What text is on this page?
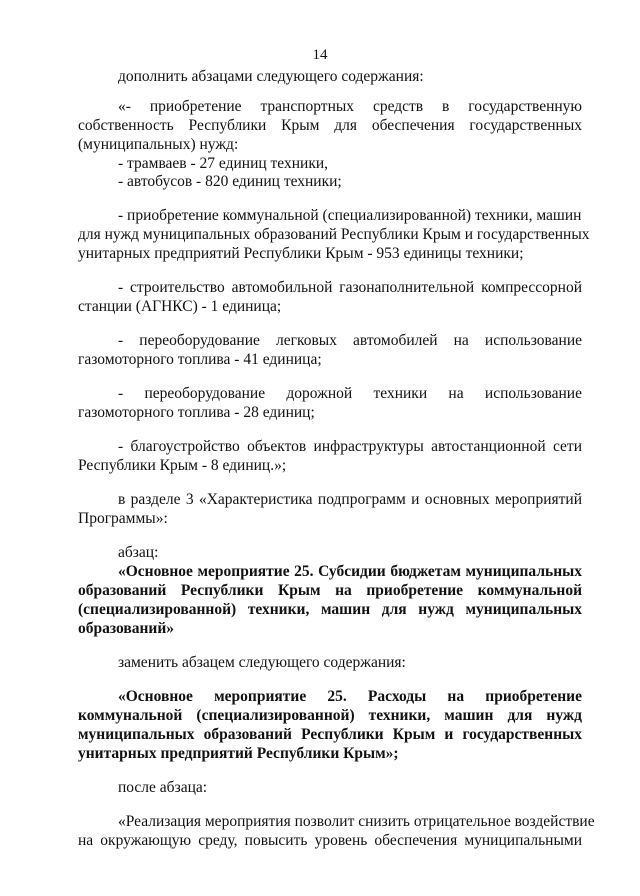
14
дополнить абзацами следующего содержания:
«- приобретение транспортных средств в государственную
собственность Республики Крым для обеспечения государственных
(муниципальных) нужд:
- трамваев - 27 единиц техники,
- автобусов - 820 единиц техники;
- приобретение коммунальной (специализированной) техники, машин
для нужд муниципальных образований Республики Крым и государственных
унитарных предприятий Республики Крым - 953 единицы техники;
- строительство автомобильной газонаполнительной компрессорной
станции (АГНКС) - 1 единица;
- переоборудование легковых автомобилей на использование
газомоторного топлива - 41 единица;
- переоборудование дорожной техники на использование
газомоторного топлива - 28 единиц;
- благоустройство объектов инфраструктуры автостанционной сети
Республики Крым - 8 единиц.»;
в разделе 3 «Характеристика подпрограмм и основных мероприятий
Программы»:
абзац:
«Основное мероприятие 25. Субсидии бюджетам муниципальных
образований Республики Крым на приобретение коммунальной
(специализированной) техники, машин для нужд муниципальных
образований»
заменить абзацем следующего содержания:
«Основное мероприятие 25. Расходы на приобретение
коммунальной (специализированной) техники, машин для нужд
муниципальных образований Республики Крым и государственных
унитарных предприятий Республики Крым»;
после абзаца:
«Реализация мероприятия позволит снизить отрицательное воздействие
на окружающую среду, повысить уровень обеспечения муниципальными
